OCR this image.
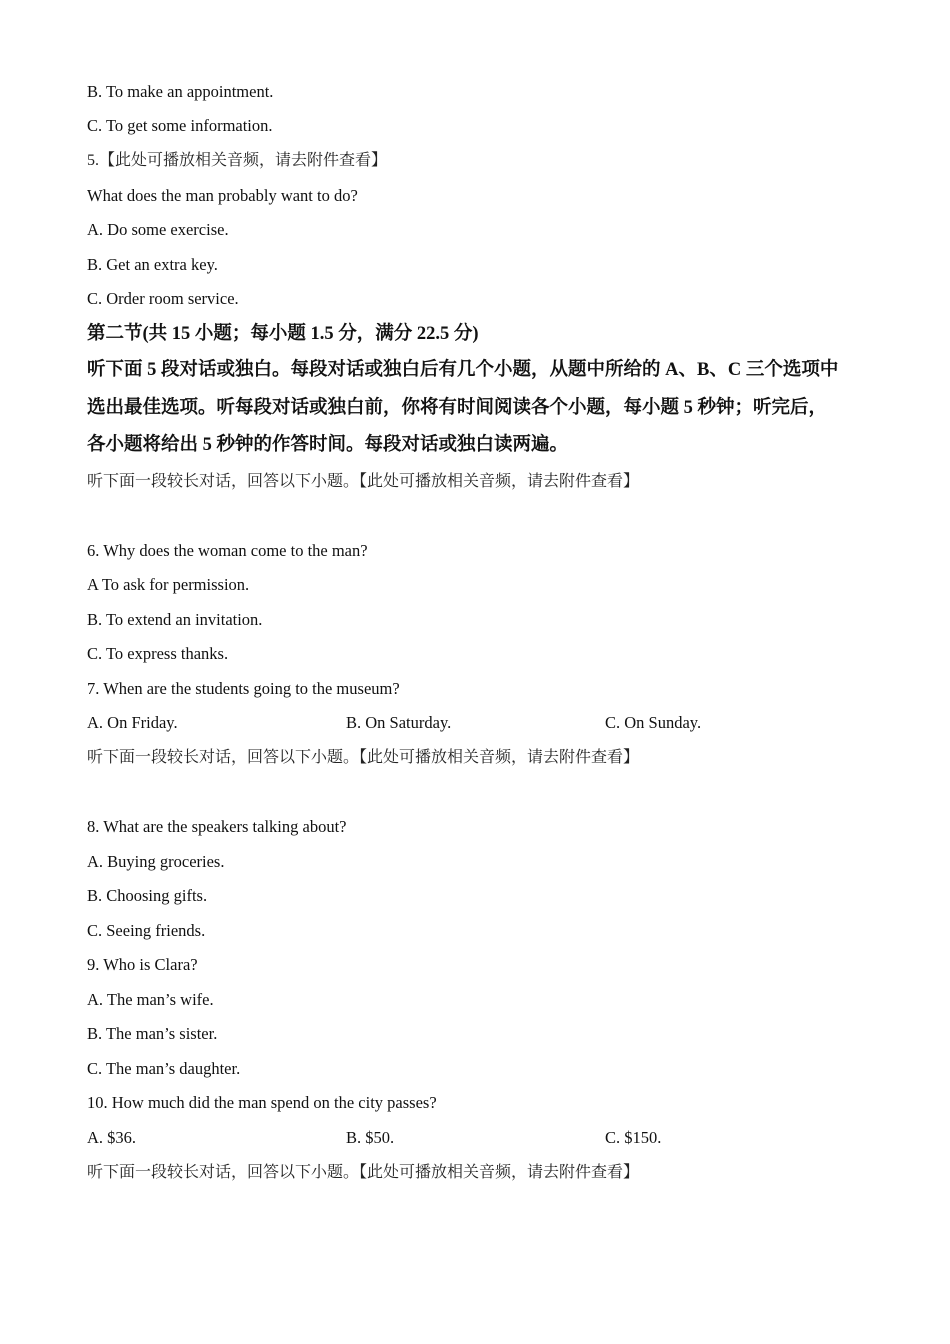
B. To make an appointment.
C. To get some information.
5.【此处可播放相关音频，请去附件查看】
What does the man probably want to do?
A. Do some exercise.
B. Get an extra key.
C. Order room service.
第二节(共 15 小题；每小题 1.5 分，满分 22.5 分)
听下面 5 段对话或独白。每段对话或独白后有几个小题，从题中所给的 A、B、C 三个选项中
选出最佳选项。听每段对话或独白前，你将有时间阅读各个小题，每小题 5 秒钟；听完后，
各小题将给出 5 秒钟的作答时间。每段对话或独白读两遍。
听下面一段较长对话，回答以下小题。【此处可播放相关音频，请去附件查看】
6. Why does the woman come to the man?
A To ask for permission.
B. To extend an invitation.
C. To express thanks.
7. When are the students going to the museum?
A. On Friday.	B. On Saturday.	C. On Sunday.
听下面一段较长对话，回答以下小题。【此处可播放相关音频，请去附件查看】
8. What are the speakers talking about?
A. Buying groceries.
B. Choosing gifts.
C. Seeing friends.
9. Who is Clara?
A. The man’s wife.
B. The man’s sister.
C. The man’s daughter.
10. How much did the man spend on the city passes?
A. $36.	B. $50.	C. $150.
听下面一段较长对话，回答以下小题。【此处可播放相关音频，请去附件查看】
